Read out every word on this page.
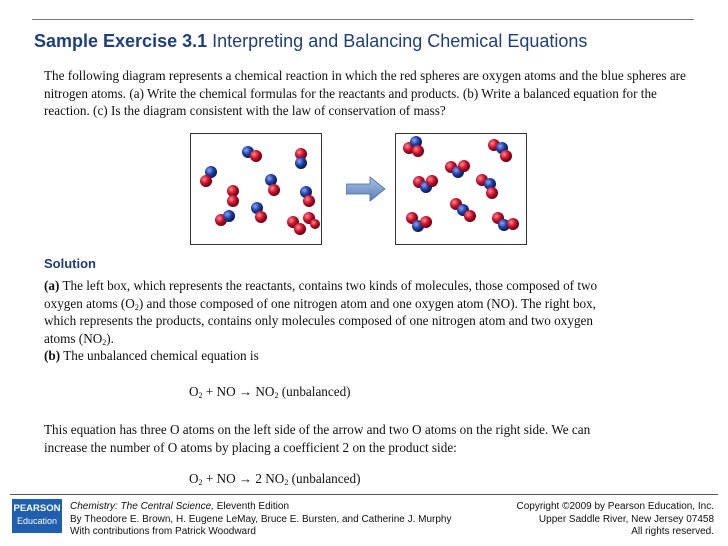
Sample Exercise 3.1 Interpreting and Balancing Chemical Equations
The following diagram represents a chemical reaction in which the red spheres are oxygen atoms and the blue spheres are nitrogen atoms. (a) Write the chemical formulas for the reactants and products. (b) Write a balanced equation for the reaction. (c) Is the diagram consistent with the law of conservation of mass?
Solution
(a) The left box, which represents the reactants, contains two kinds of molecules, those composed of two
oxygen atoms $(O_2)$ and those composed of one nitrogen atom and one oxygen atom (NO). The right box,
which represents the products, contains only molecules composed of one nitrogen atom and two oxygen
atoms $(NO_2)$.
(b) The unbalanced chemical equation is
$O_2$ + NO → $NO_2$ (unbalanced)
This equation has three O atoms on the left side of the arrow and two O atoms on the right side. We can
increase the number of O atoms by placing a coefficient 2 on the product side:
$O_2$ + NO → 2 $NO_2$ (unbalanced)
PEARSON
Education
Chemistry: The Central Science, Eleventh Edition
By Theodore E. Brown, H. Eugene LeMay, Bruce E. Bursten, and Catherine J. Murphy
With contributions from Patrick Woodward
Copyright ©2009 by Pearson Education, Inc.
Upper Saddle River, New Jersey 07458
All rights reserved.
